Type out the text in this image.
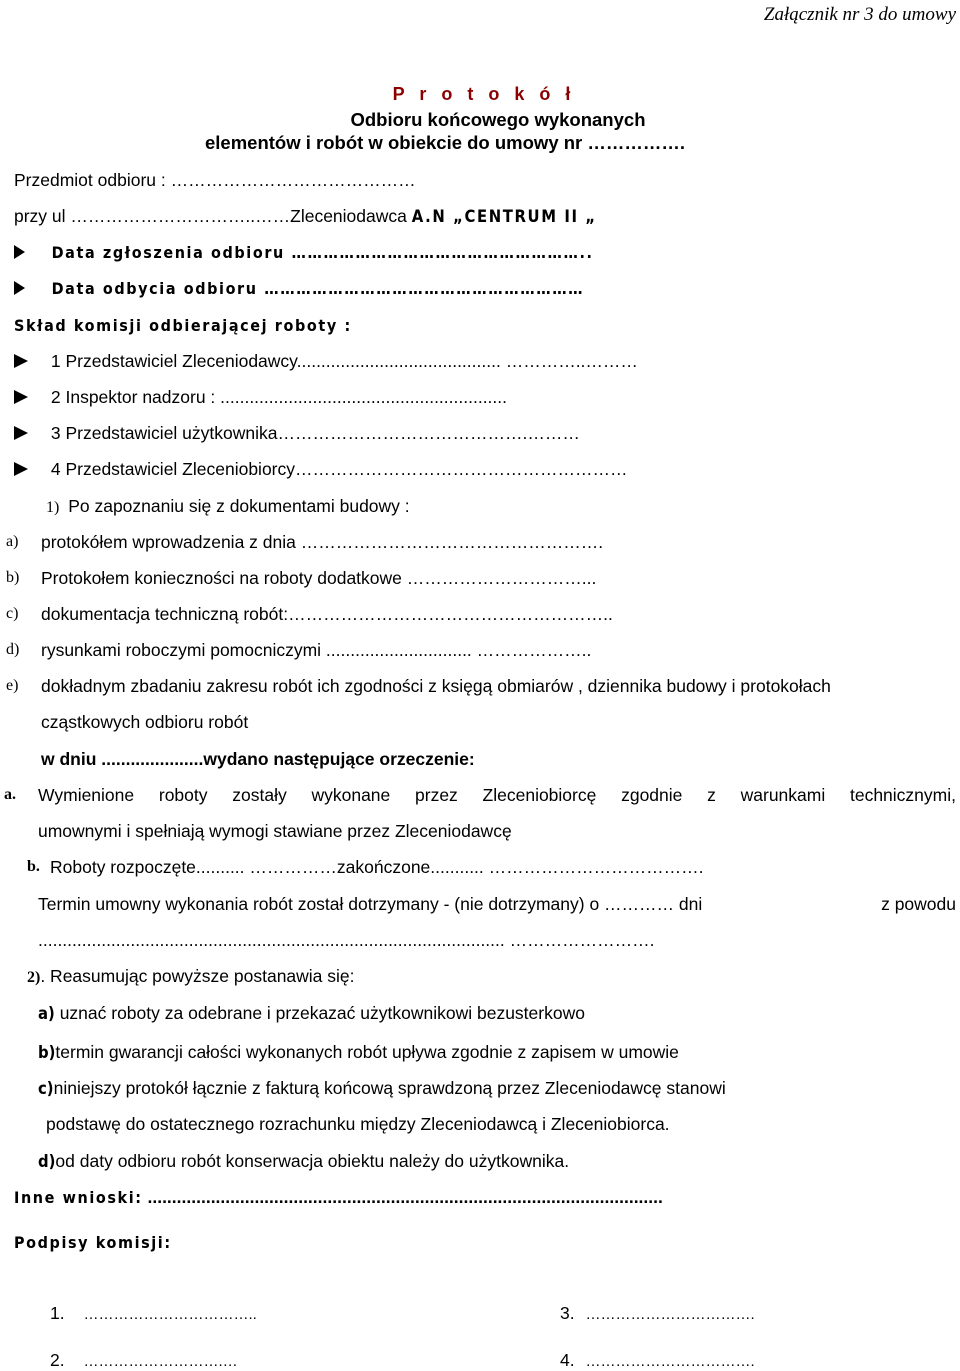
Załącznik nr 3 do umowy
P r o t o k ó ł
Odbioru końcowego wykonanych
elementów i robót w obiekcie do umowy nr …………….
Przedmiot odbioru : ……………………………………
przy ul …………………………..……Zleceniodawca A.N „CENTRUM II „
Data zgłoszenia odbioru ………………………………………………..
Data odbycia odbioru ……………………………………………………
Skład komisji odbierającej roboty :
1 Przedstawiciel Zleceniodawcy.......................................... …………..………
2 Inspektor nadzoru : ...........................................................
3 Przedstawiciel użytkownika…………………………………….………
4 Przedstawiciel Zleceniobiorcy…………………………………………………
1) Po zapoznaniu się z dokumentami budowy :
a) protokółem wprowadzenia z dnia …………………………………………….
b) Protokołem konieczności na roboty dodatkowe …………………………...
c) dokumentacja techniczną robót:………………………………………………..
d) rysunkami roboczymi pomocniczymi .............................. ………………..
e) dokładnym zbadaniu zakresu robót ich zgodności z księgą obmiarów , dziennika budowy i protokołach
cząstkowych odbioru robót
w dniu .....................wydano następujące orzeczenie:
a. Wymienione roboty zostały wykonane przez Zleceniobiorcę zgodnie z warunkami technicznymi,
umownymi i spełniają wymogi stawiane przez Zleceniodawcę
b. Roboty rozpoczęte.......... ……………zakończone........... ……………………………….
Termin umowny wykonania robót został dotrzymany - (nie dotrzymany) o ………… dni	z powodu
................................................................................................ …………………….
2). Reasumując powyższe postanawia się:
a) uznać roboty za odebrane i przekazać użytkownikowi bezusterkowo
b)termin gwarancji całości wykonanych robót upływa zgodnie z zapisem w umowie
c)niniejszy protokół łącznie z fakturą końcową sprawdzoną przez Zleceniodawcę stanowi
podstawę do ostatecznego rozrachunku między Zleceniodawcą i Zleceniobiorca.
d)od daty odbioru robót konserwacja obiektu należy do użytkownika.
Inne wnioski: ..........................................................................................................
Podpisy komisji:
1. ……………………………..	3. …………………………….
2. ……………………….…	4. …………………………….
